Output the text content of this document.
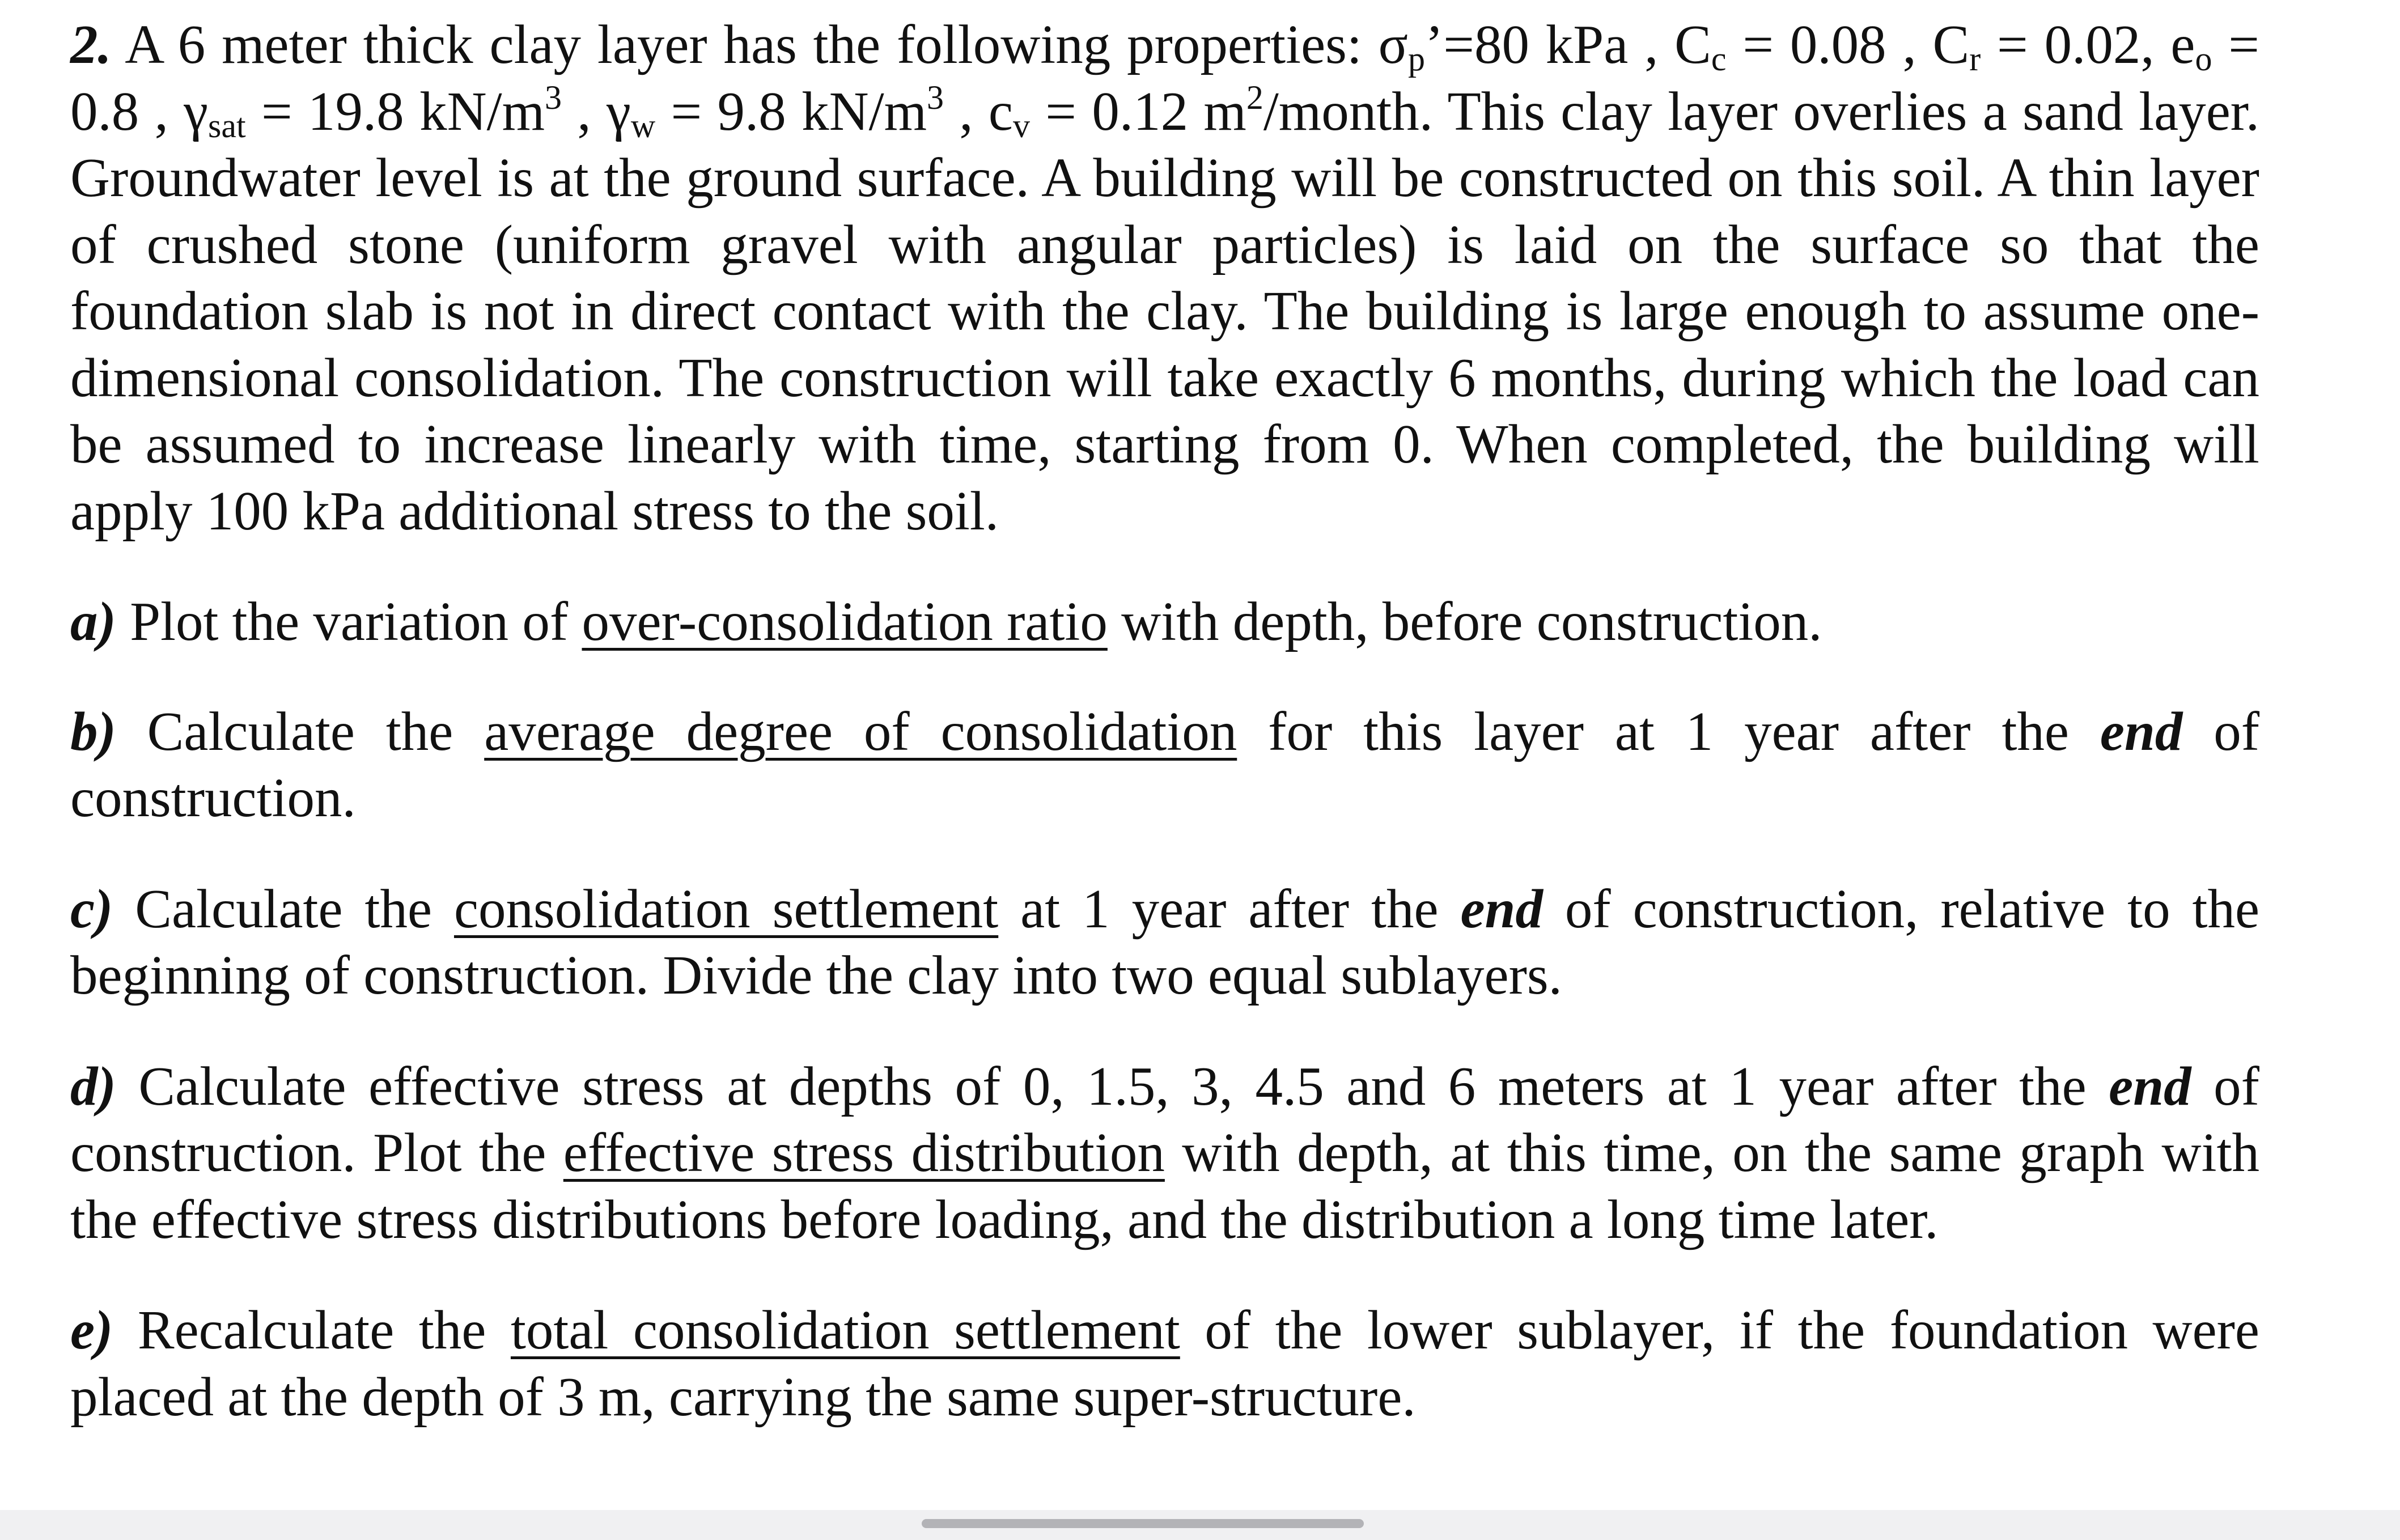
2. A 6 meter thick clay layer has the following properties: $\sigma_p’=80$ kPa , $C_c = 0.08$ , $C_r = 0.02$, $e_o = 0.8$ , $\gamma_{sat} = 19.8$ $kN/m^3$ , $\gamma_w = 9.8$ $kN/m^3$ , $c_v = 0.12$ $m^2$/month. This clay layer overlies a sand layer. Groundwater level is at the ground surface. A building will be constructed on this soil. A thin layer of crushed stone (uniform gravel with angular particles) is laid on the surface so that the foundation slab is not in direct contact with the clay. The building is large enough to assume one-dimensional consolidation. The construction will take exactly 6 months, during which the load can be assumed to increase linearly with time, starting from 0. When completed, the building will apply 100 kPa additional stress to the soil.

a) Plot the variation of over-consolidation ratio with depth, before construction.

b) Calculate the average degree of consolidation for this layer at 1 year after the end of construction.

c) Calculate the consolidation settlement at 1 year after the end of construction, relative to the beginning of construction. Divide the clay into two equal sublayers.

d) Calculate effective stress at depths of 0, 1.5, 3, 4.5 and 6 meters at 1 year after the end of construction. Plot the effective stress distribution with depth, at this time, on the same graph with the effective stress distributions before loading, and the distribution a long time later.

e) Recalculate the total consolidation settlement of the lower sublayer, if the foundation were placed at the depth of 3 m, carrying the same super-structure.
